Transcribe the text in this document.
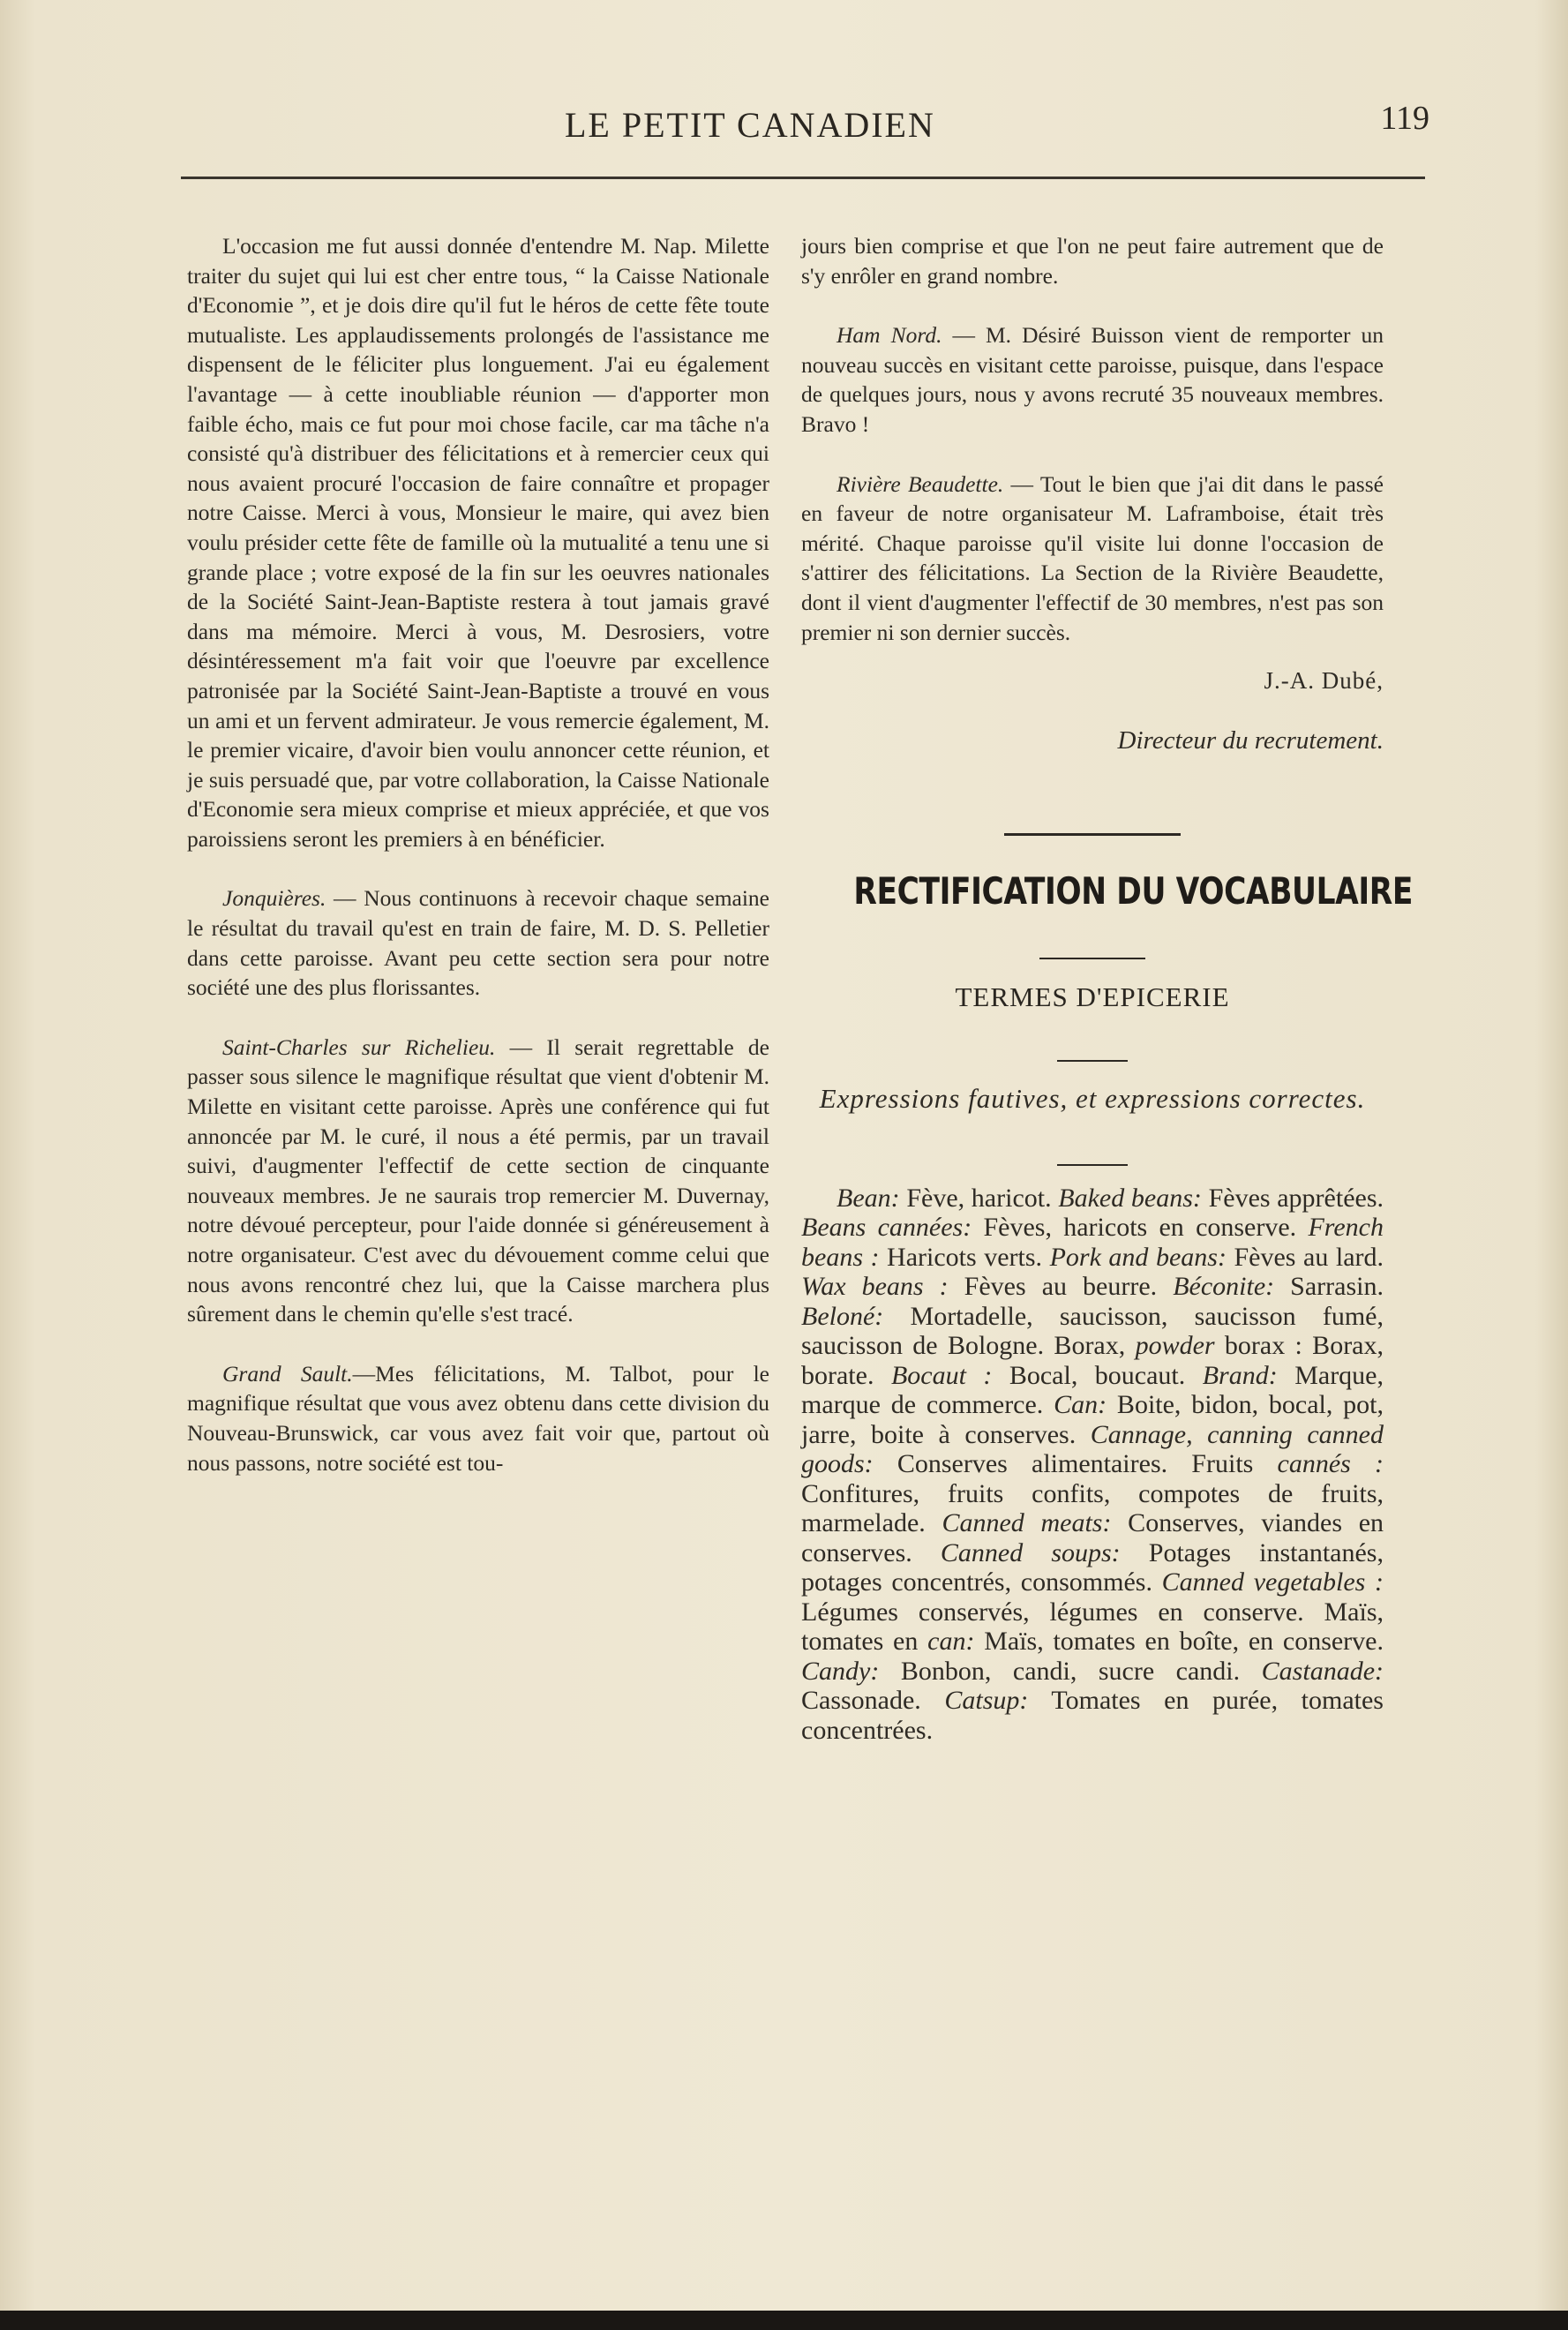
LE PETIT CANADIEN	119

L'occasion me fut aussi donnée d'entendre M. Nap. Milette traiter du sujet qui lui est cher entre tous, “ la Caisse Nationale d'Economie ”, et je dois dire qu'il fut le héros de cette fête toute mutualiste. Les applaudissements prolongés de l'assistance me dispensent de le féliciter plus longuement. J'ai eu également l'avantage — à cette inoubliable réunion — d'apporter mon faible écho, mais ce fut pour moi chose facile, car ma tâche n'a consisté qu'à distribuer des félicitations et à remercier ceux qui nous avaient procuré l'occasion de faire connaître et propager notre Caisse. Merci à vous, Monsieur le maire, qui avez bien voulu présider cette fête de famille où la mutualité a tenu une si grande place ; votre exposé de la fin sur les oeuvres nationales de la Société Saint-Jean-Baptiste restera à tout jamais gravé dans ma mémoire. Merci à vous, M. Desrosiers, votre désintéressement m'a fait voir que l'oeuvre par excellence patronisée par la Société Saint-Jean-Baptiste a trouvé en vous un ami et un fervent admirateur. Je vous remercie également, M. le premier vicaire, d'avoir bien voulu annoncer cette réunion, et je suis persuadé que, par votre collaboration, la Caisse Nationale d'Economie sera mieux comprise et mieux appréciée, et que vos paroissiens seront les premiers à en bénéficier.

Jonquières. — Nous continuons à recevoir chaque semaine le résultat du travail qu'est en train de faire, M. D. S. Pelletier dans cette paroisse. Avant peu cette section sera pour notre société une des plus florissantes.

Saint-Charles sur Richelieu. — Il serait regrettable de passer sous silence le magnifique résultat que vient d'obtenir M. Milette en visitant cette paroisse. Après une conférence qui fut annoncée par M. le curé, il nous a été permis, par un travail suivi, d'augmenter l'effectif de cette section de cinquante nouveaux membres. Je ne saurais trop remercier M. Duvernay, notre dévoué percepteur, pour l'aide donnée si généreusement à notre organisateur. C'est avec du dévouement comme celui que nous avons rencontré chez lui, que la Caisse marchera plus sûrement dans le chemin qu'elle s'est tracé.

Grand Sault.—Mes félicitations, M. Talbot, pour le magnifique résultat que vous avez obtenu dans cette division du Nouveau-Brunswick, car vous avez fait voir que, partout où nous passons, notre société est tou-

jours bien comprise et que l'on ne peut faire autrement que de s'y enrôler en grand nombre.

Ham Nord. — M. Désiré Buisson vient de remporter un nouveau succès en visitant cette paroisse, puisque, dans l'espace de quelques jours, nous y avons recruté 35 nouveaux membres. Bravo !

Rivière Beaudette. — Tout le bien que j'ai dit dans le passé en faveur de notre organisateur M. Laframboise, était très mérité. Chaque paroisse qu'il visite lui donne l'occasion de s'attirer des félicitations. La Section de la Rivière Beaudette, dont il vient d'augmenter l'effectif de 30 membres, n'est pas son premier ni son dernier succès.

J.-A. Dubé,

Directeur du recrutement.

RECTIFICATION DU VOCABULAIRE

TERMES D'EPICERIE

Expressions fautives, et expressions correctes.

Bean: Fève, haricot. Baked beans: Fèves apprêtées. Beans cannées: Fèves, haricots en conserve. French beans : Haricots verts. Pork and beans: Fèves au lard. Wax beans : Fèves au beurre. Béconite: Sarrasin. Beloné: Mortadelle, saucisson, saucisson fumé, saucisson de Bologne. Borax, powder borax : Borax, borate. Bocaut : Bocal, boucaut. Brand: Marque, marque de commerce. Can: Boite, bidon, bocal, pot, jarre, boite à conserves. Cannage, canning canned goods: Conserves alimentaires. Fruits cannés : Confitures, fruits confits, compotes de fruits, marmelade. Canned meats: Conserves, viandes en conserves. Canned soups: Potages instantanés, potages concentrés, consommés. Canned vegetables : Légumes conservés, légumes en conserve. Maïs, tomates en can: Maïs, tomates en boîte, en conserve. Candy: Bonbon, candi, sucre candi. Castanade: Cassonade. Catsup: Tomates en purée, tomates concentrées.
